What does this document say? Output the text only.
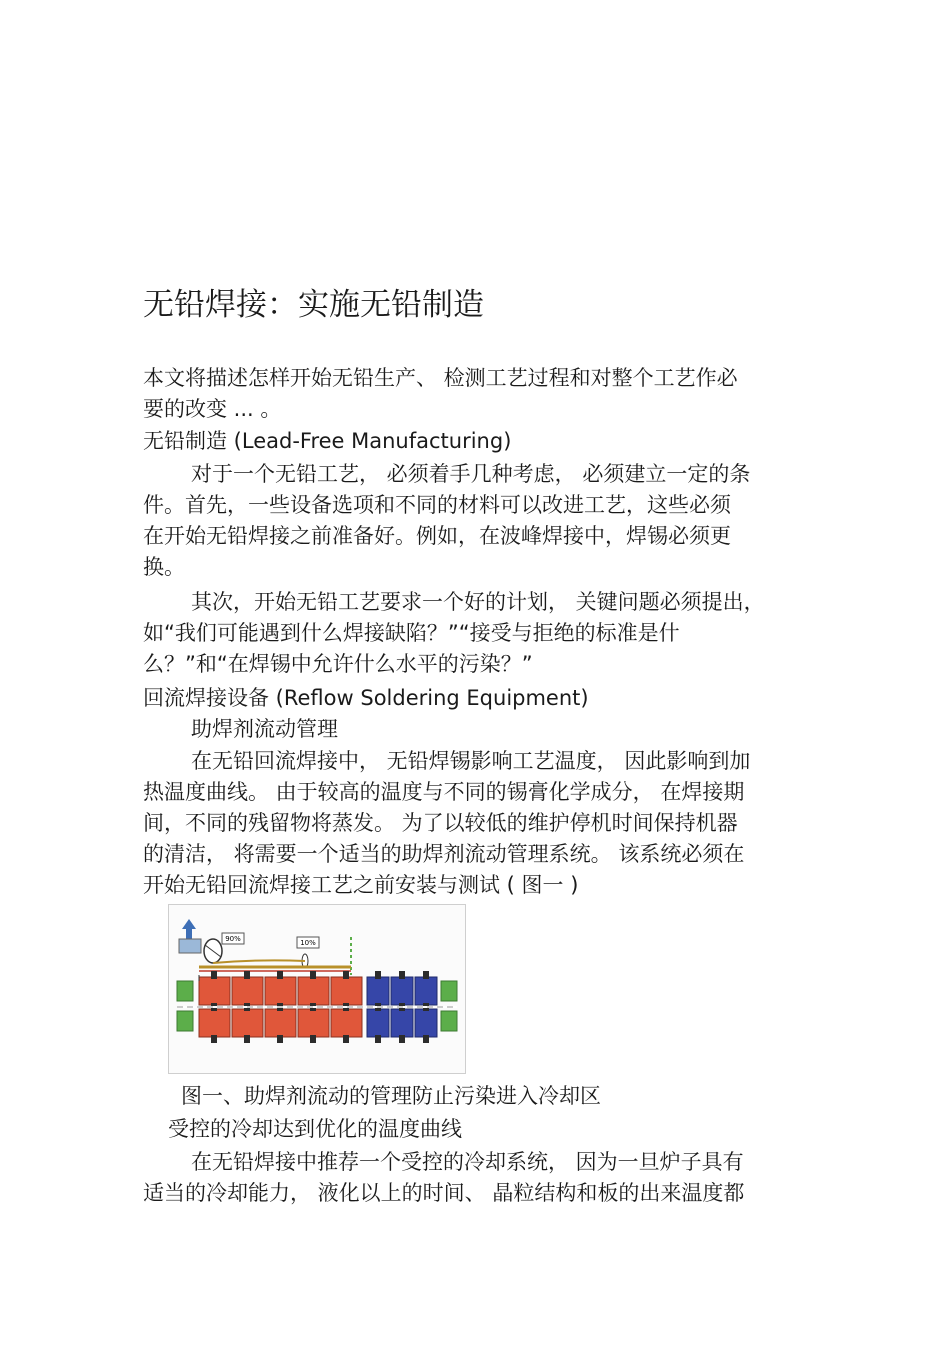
无铅焊接：实施无铅制造
本文将描述怎样开始无铅生产、 检测工艺过程和对整个工艺作必
要的改变 ... 。
无铅制造 (Lead-Free Manufacturing)
对于一个无铅工艺， 必须着手几种考虑， 必须建立一定的条
件。首先，一些设备选项和不同的材料可以改进工艺，这些必须
在开始无铅焊接之前准备好。例如，在波峰焊接中，焊锡必须更
换。
其次，开始无铅工艺要求一个好的计划， 关键问题必须提出，
如“我们可能遇到什么焊接缺陷？”“接受与拒绝的标准是什
么？”和“在焊锡中允许什么水平的污染？”
回流焊接设备 (Reflow Soldering Equipment)
助焊剂流动管理
在无铅回流焊接中， 无铅焊锡影响工艺温度， 因此影响到加
热温度曲线。 由于较高的温度与不同的锡膏化学成分， 在焊接期
间，不同的残留物将蒸发。 为了以较低的维护停机时间保持机器
的清洁， 将需要一个适当的助焊剂流动管理系统。 该系统必须在
开始无铅回流焊接工艺之前安装与测试 ( 图一 )
90%	10%
图一、助焊剂流动的管理防止污染进入冷却区
受控的冷却达到优化的温度曲线
在无铅焊接中推荐一个受控的冷却系统， 因为一旦炉子具有
适当的冷却能力， 液化以上的时间、 晶粒结构和板的出来温度都
